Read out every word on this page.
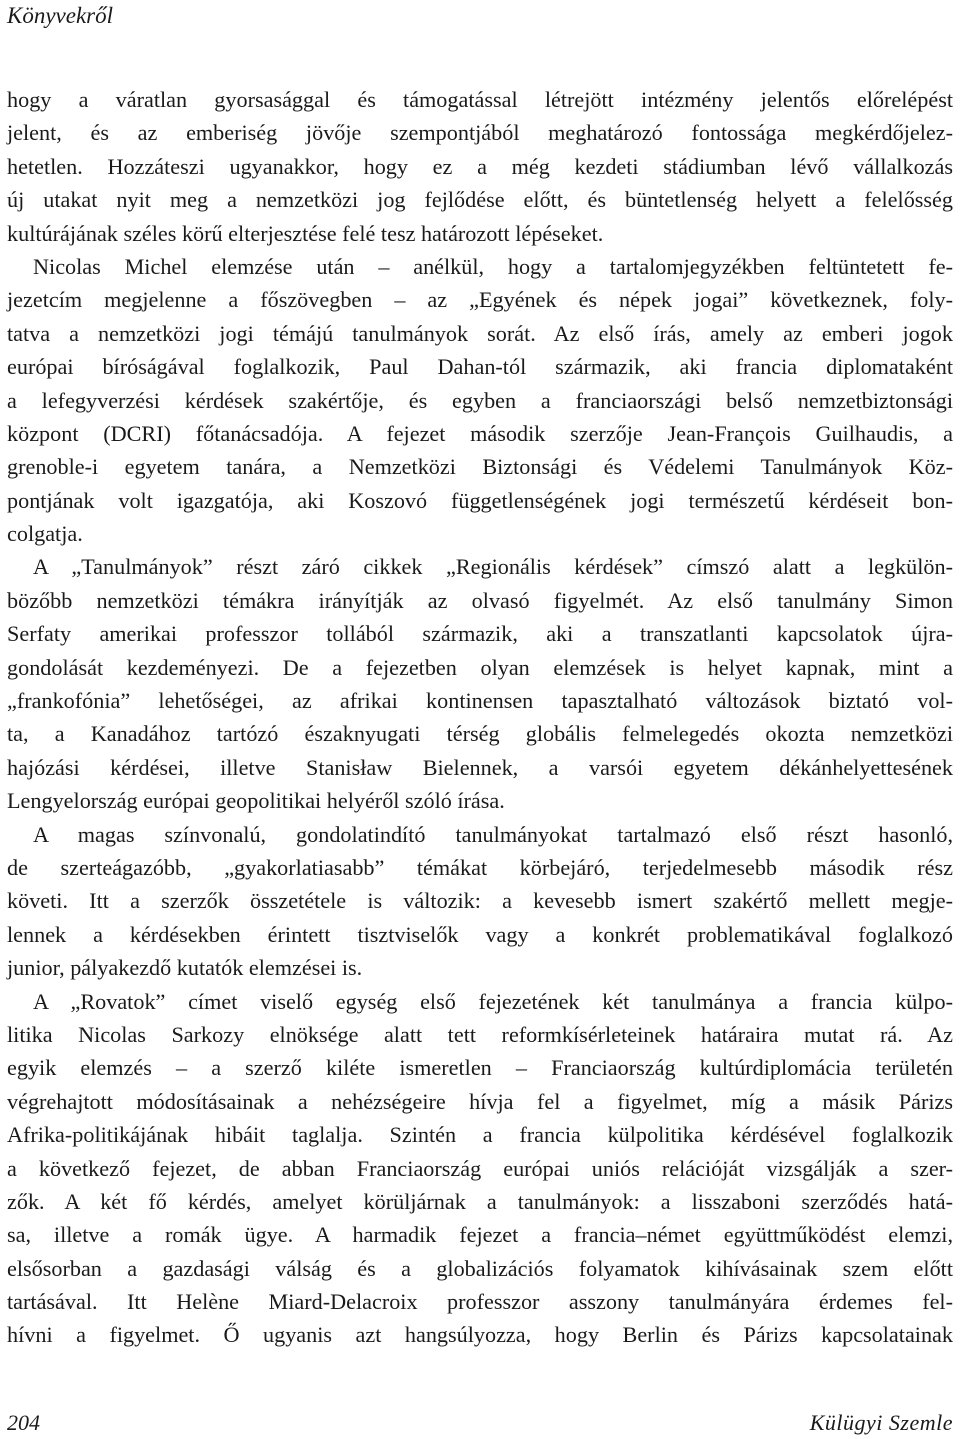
Könyvekről
hogy a váratlan gyorsasággal és támogatással létrejött intézmény jelentős előrelépést
jelent, és az emberiség jövője szempontjából meghatározó fontossága megkérdőjelez-
hetetlen. Hozzáteszi ugyanakkor, hogy ez a még kezdeti stádiumban lévő vállalkozás
új utakat nyit meg a nemzetközi jog fejlődése előtt, és büntetlenség helyett a felelősség
kultúrájának széles körű elterjesztése felé tesz határozott lépéseket.
Nicolas Michel elemzése után – anélkül, hogy a tartalomjegyzékben feltüntetett fe-
jezetcím megjelenne a főszövegben – az „Egyének és népek jogai” következnek, foly-
tatva a nemzetközi jogi témájú tanulmányok sorát. Az első írás, amely az emberi jogok
európai bíróságával foglalkozik, Paul Dahan-tól származik, aki francia diplomataként
a lefegyverzési kérdések szakértője, és egyben a franciaországi belső nemzetbiztonsági
központ (DCRI) főtanácsadója. A fejezet második szerzője Jean-François Guilhaudis, a
grenoble-i egyetem tanára, a Nemzetközi Biztonsági és Védelemi Tanulmányok Köz-
pontjának volt igazgatója, aki Koszovó függetlenségének jogi természetű kérdéseit bon-
colgatja.
A „Tanulmányok” részt záró cikkek „Regionális kérdések” címszó alatt a legkülön-
bözőbb nemzetközi témákra irányítják az olvasó figyelmét. Az első tanulmány Simon
Serfaty amerikai professzor tollából származik, aki a transzatlanti kapcsolatok újra-
gondolását kezdeményezi. De a fejezetben olyan elemzések is helyet kapnak, mint a
„frankofónia” lehetőségei, az afrikai kontinensen tapasztalható változások biztató vol-
ta, a Kanadához tartózó északnyugati térség globális felmelegedés okozta nemzetközi
hajózási kérdései, illetve Stanisław Bielennek, a varsói egyetem dékánhelyettesének
Lengyelország európai geopolitikai helyéről szóló írása.
A magas színvonalú, gondolatindító tanulmányokat tartalmazó első részt hasonló,
de szerteágazóbb, „gyakorlatiasabb” témákat körbejáró, terjedelmesebb második rész
követi. Itt a szerzők összetétele is változik: a kevesebb ismert szakértő mellett megje-
lennek a kérdésekben érintett tisztviselők vagy a konkrét problematikával foglalkozó
junior, pályakezdő kutatók elemzései is.
A „Rovatok” címet viselő egység első fejezetének két tanulmánya a francia külpo-
litika Nicolas Sarkozy elnöksége alatt tett reformkísérleteinek határaira mutat rá. Az
egyik elemzés – a szerző kiléte ismeretlen – Franciaország kultúrdiplomácia területén
végrehajtott módosításainak a nehézségeire hívja fel a figyelmet, míg a másik Párizs
Afrika-politikájának hibáit taglalja. Szintén a francia külpolitika kérdésével foglalkozik
a következő fejezet, de abban Franciaország európai uniós relációját vizsgálják a szer-
zők. A két fő kérdés, amelyet körüljárnak a tanulmányok: a lisszaboni szerződés hatá-
sa, illetve a romák ügye. A harmadik fejezet a francia–német együttműködést elemzi,
elsősorban a gazdasági válság és a globalizációs folyamatok kihívásainak szem előtt
tartásával. Itt Helène Miard-Delacroix professzor asszony tanulmányára érdemes fel-
hívni a figyelmet. Ő ugyanis azt hangsúlyozza, hogy Berlin és Párizs kapcsolatainak
204	Külügyi Szemle
